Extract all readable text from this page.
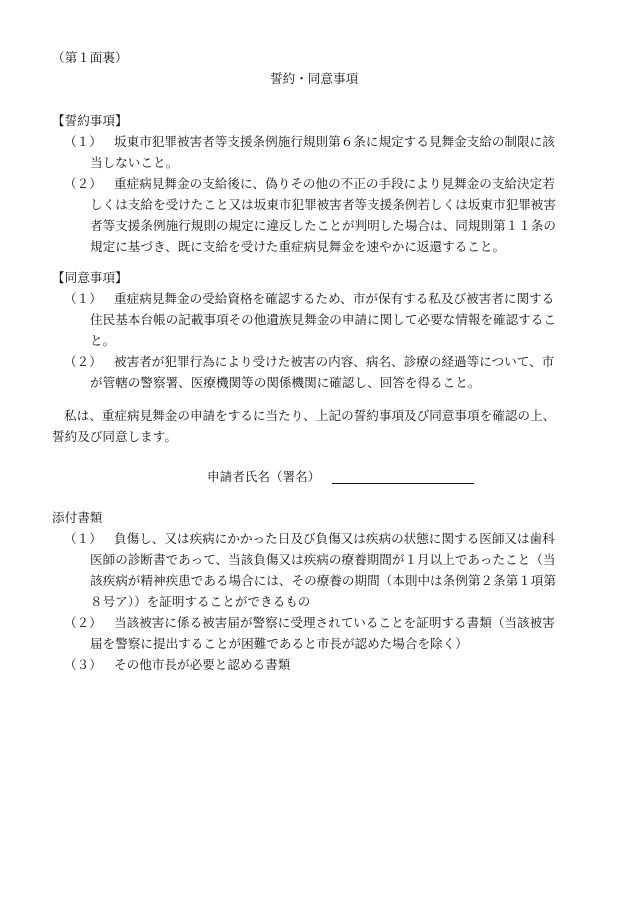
（第１面裏）
誓約・同意事項
【誓約事項】
（１） 坂東市犯罪被害者等支援条例施行規則第６条に規定する見舞金支給の制限に該
当しないこと。
（２） 重症病見舞金の支給後に、偽りその他の不正の手段により見舞金の支給決定若
しくは支給を受けたこと又は坂東市犯罪被害者等支援条例若しくは坂東市犯罪被害
者等支援条例施行規則の規定に違反したことが判明した場合は、同規則第１１条の
規定に基づき、既に支給を受けた重症病見舞金を速やかに返還すること。
【同意事項】
（１） 重症病見舞金の受給資格を確認するため、市が保有する私及び被害者に関する
住民基本台帳の記載事項その他遺族見舞金の申請に関して必要な情報を確認するこ
と。
（２） 被害者が犯罪行為により受けた被害の内容、病名、診療の経過等について、市
が管轄の警察署、医療機関等の関係機関に確認し、回答を得ること。
私は、重症病見舞金の申請をするに当たり、上記の誓約事項及び同意事項を確認の上、
誓約及び同意します。
申請者氏名（署名）
添付書類
（１） 負傷し、又は疾病にかかった日及び負傷又は疾病の状態に関する医師又は歯科
医師の診断書であって、当該負傷又は疾病の療養期間が１月以上であったこと（当
該疾病が精神疾患である場合には、その療養の期間（本則中は条例第２条第１項第
８号ア））を証明することができるもの
（２） 当該被害に係る被害届が警察に受理されていることを証明する書類（当該被害
届を警察に提出することが困難であると市長が認めた場合を除く）
（３） その他市長が必要と認める書類
